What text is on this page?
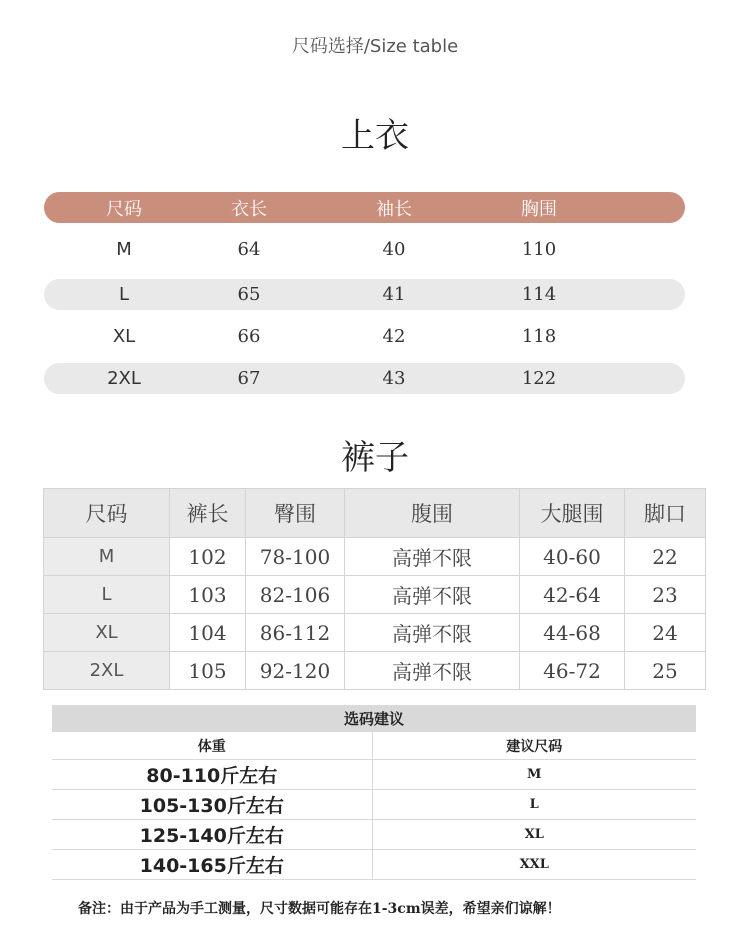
尺码选择/Size table
上衣
尺码	衣长	袖长	胸围
M	64	40	110
L	65	41	114
XL	66	42	118
2XL	67	43	122
裤子
尺码	裤长	臀围	腹围	大腿围	脚口
M	102	78-100	高弹不限	40-60	22
L	103	82-106	高弹不限	42-64	23
XL	104	86-112	高弹不限	44-68	24
2XL	105	92-120	高弹不限	46-72	25
选码建议
体重	建议尺码
80-110斤左右	M
105-130斤左右	L
125-140斤左右	XL
140-165斤左右	XXL
备注：由于产品为手工测量，尺寸数据可能存在1-3cm误差，希望亲们谅解！
